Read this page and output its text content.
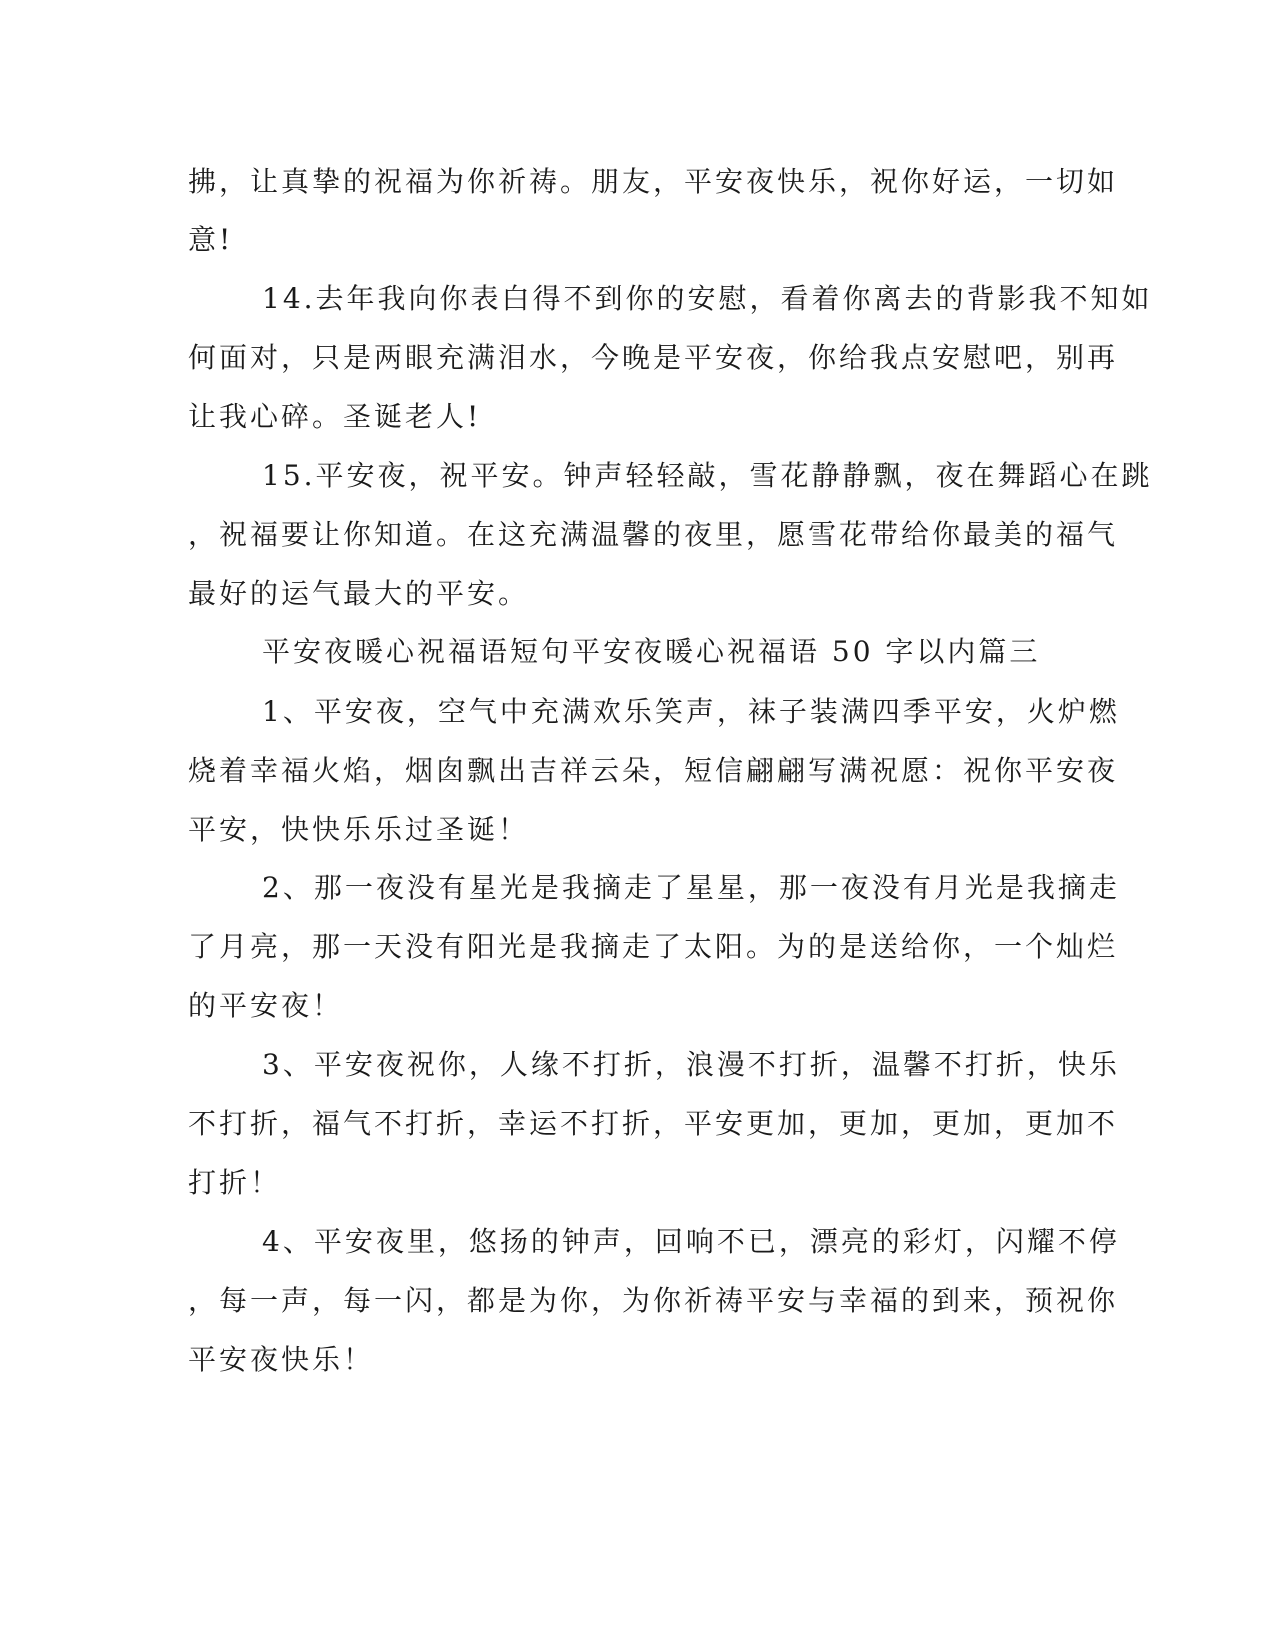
拂，让真挚的祝福为你祈祷。朋友，平安夜快乐，祝你好运，一切如
意!
14.去年我向你表白得不到你的安慰，看着你离去的背影我不知如
何面对，只是两眼充满泪水，今晚是平安夜，你给我点安慰吧，别再
让我心碎。圣诞老人!
15.平安夜，祝平安。钟声轻轻敲，雪花静静飘，夜在舞蹈心在跳
，祝福要让你知道。在这充满温馨的夜里，愿雪花带给你最美的福气
最好的运气最大的平安。
平安夜暖心祝福语短句平安夜暖心祝福语 50 字以内篇三
1、平安夜，空气中充满欢乐笑声，袜子装满四季平安，火炉燃
烧着幸福火焰，烟囱飘出吉祥云朵，短信翩翩写满祝愿：祝你平安夜
平安，快快乐乐过圣诞！
2、那一夜没有星光是我摘走了星星，那一夜没有月光是我摘走
了月亮，那一天没有阳光是我摘走了太阳。为的是送给你，一个灿烂
的平安夜！
3、平安夜祝你，人缘不打折，浪漫不打折，温馨不打折，快乐
不打折，福气不打折，幸运不打折，平安更加，更加，更加，更加不
打折！
4、平安夜里，悠扬的钟声，回响不已，漂亮的彩灯，闪耀不停
，每一声，每一闪，都是为你，为你祈祷平安与幸福的到来，预祝你
平安夜快乐！
